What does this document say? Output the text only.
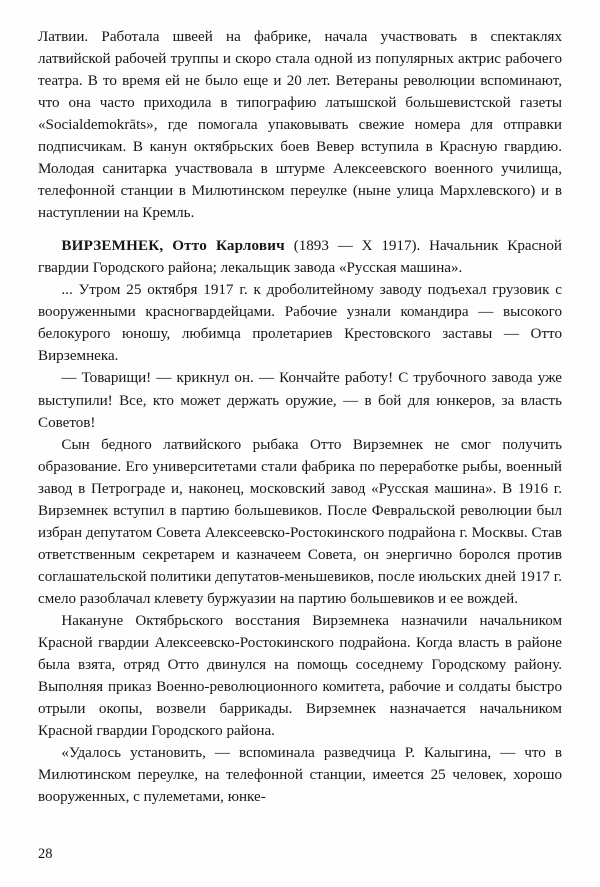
Латвии. Работала швеей на фабрике, начала участвовать в спектаклях латвийской рабочей труппы и скоро стала одной из популярных актрис рабочего театра. В то время ей не было еще и 20 лет. Ветераны революции вспоминают, что она часто приходила в типографию латышской большевистской газеты «Socialdemokrāts», где помогала упаковывать свежие номера для отправки подписчикам. В канун октябрьских боев Вевер вступила в Красную гвардию. Молодая санитарка участвовала в штурме Алексеевского военного училища, телефонной станции в Милютинском переулке (ныне улица Мархлевского) и в наступлении на Кремль.

ВИРЗЕМНЕК, Отто Карлович (1893 — X 1917). Начальник Красной гвардии Городского района; лекальщик завода «Русская машина».

... Утром 25 октября 1917 г. к дроболитейному заводу подъехал грузовик с вооруженными красногвардейцами. Рабочие узнали командира — высокого белокурого юношу, любимца пролетариев Крестовского заставы — Отто Вирземнека.

— Товарищи! — крикнул он. — Кончайте работу! С трубочного завода уже выступили! Все, кто может держать оружие, — в бой для юнкеров, за власть Советов!

Сын бедного латвийского рыбака Отто Вирземнек не смог получить образование. Его университетами стали фабрика по переработке рыбы, военный завод в Петрограде и, наконец, московский завод «Русская машина». В 1916 г. Вирземнек вступил в партию большевиков. После Февральской революции был избран депутатом Совета Алексеевско-Ростокинского подрайона г. Москвы. Став ответственным секретарем и казначеем Совета, он энергично боролся против соглашательской политики депутатов-меньшевиков, после июльских дней 1917 г. смело разоблачал клевету буржуазии на партию большевиков и ее вождей.

Накануне Октябрьского восстания Вирземнека назначили начальником Красной гвардии Алексеевско-Ростокинского подрайона. Когда власть в районе была взята, отряд Отто двинулся на помощь соседнему Городскому району. Выполняя приказ Военно-революционного комитета, рабочие и солдаты быстро отрыли окопы, возвели баррикады. Вирземнек назначается начальником Красной гвардии Городского района.

«Удалось установить, — вспоминала разведчица Р. Калыгина, — что в Милютинском переулке, на телефонной станции, имеется 25 человек, хорошо вооруженных, с пулеметами, юнке-

28
